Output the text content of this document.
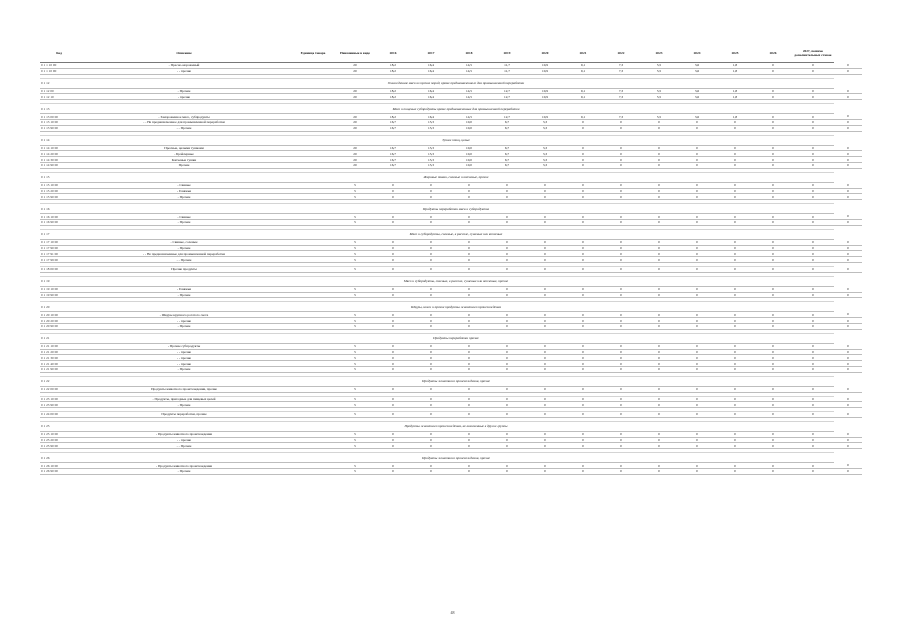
Код	Описание	Единица товара	Неизменные в виде	2016	2017	2018	2019	2020	2021	2022	2023	2024	2025	2026	2027, помимо дополнительных ставок	
0 1 1 10 00	- Пресно-мороженый		20	18,2	16,4	14,5	11,7	10,9	9,1	7,3	5,5	3,6	1,8	0	0	0
0 1 1 10 90	- - прочие		20	18,2	16,4	14,5	11,7	10,9	9,1	7,3	5,5	3,6	1,8	0	0	0

0 1 12	Охлажденное мясо из прочих пород, кроме предназначенного для промышленной переработки															
0 1 12 00	- Прочие		20	18,2	16,4	14,5	12,7	10,9	9,1	7,3	5,5	3,6	1,8	0	0	0
0 1 12 10	- прочие		20	18,2	16,4	14,5	12,7	10,9	9,1	7,3	5,5	3,6	1,8	0	0	0

0 1 13	Мясо и пищевые субпродукты кроме предназначенных для промышленной переработки															
0 1 13 00 00	- Замороженное мясо, субпродукты		20	18,2	16,4	14,5	12,7	10,9	9,1	7,3	5,5	3,6	1,8	0	0	0
0 1 13 10 00	- - Не предназначенное для промышленной переработки		20	16,7	13,3	10,0	6,7	3,3	0	0	0	0	0	0	0	0
0 1 13 90 00	- - Прочие		20	16,7	13,3	10,0	6,7	3,3	0	0	0	0	0	0	0	0

0 1 14	Тушки птиц, целые															
0 1 14 10 00	Пресные, целыми тушками		20	16,7	13,3	10,0	6,7	3,3	0	0	0	0	0	0	0	0
0 1 14 20 00	- Бройлерные		20	16,7	13,3	10,0	6,7	3,3	0	0	0	0	0	0	0	0
0 1 14 30 00	Копченые тушки		20	16,7	13,3	10,0	6,7	3,3	0	0	0	0	0	0	0	0
0 1 14 90 00	Прочие		20	16,7	13,3	10,0	6,7	3,3	0	0	0	0	0	0	0	0

0 1 15	Жировые ткани, соленые и копченые, прочие															
0 1 15 10 00	- Свиные		5	0	0	0	0	0	0	0	0	0	0	0	0	0
0 1 15 20 00	- Говяжьи		5	0	0	0	0	0	0	0	0	0	0	0	0	0
0 1 15 90 00	- Прочие		5	0	0	0	0	0	0	0	0	0	0	0	0	0

0 1 16	Продукты переработки мяса и субпродуктов															
0 1 16 10 00	- Свиные		5	0	0	0	0	0	0	0	0	0	0	0	0	0
0 1 16 90 00	- Прочие		5	0	0	0	0	0	0	0	0	0	0	0	0	0

0 1 17	Мясо и субпродукты, соленые, в рассоле, сушеные или копченые															
0 1 17 10 00	- Свиные, соленые		5	0	0	0	0	0	0	0	0	0	0	0	0	0
0 1 17 90 00	- Прочие		5	0	0	0	0	0	0	0	0	0	0	0	0	0
0 1 17 91 00	- - Не предназначенные для промышленной переработки		5	0	0	0	0	0	0	0	0	0	0	0	0	0
0 1 17 99 00	- - Прочие		5	0	0	0	0	0	0	0	0	0	0	0	0	0

0 1 18 00 00	Прочие продукты		5	0	0	0	0	0	0	0	0	0	0	0	0	0

0 1 19	Мясо и субпродукты, соленые, в рассоле, сушеные или копченые, прочие															
0 1 19 10 00	- Говяжьи		5	0	0	0	0	0	0	0	0	0	0	0	0	0
0 1 19 90 00	- Прочие		5	0	0	0	0	0	0	0	0	0	0	0	0	0

0 1 20	Шкуры, кожи и прочие продукты животного происхождения															
0 1 20 10 00	- Шкуры крупного рогатого скота		5	0	0	0	0	0	0	0	0	0	0	0	0	0
0 1 20 20 00	- - прочие		5	0	0	0	0	0	0	0	0	0	0	0	0	0
0 1 20 90 00	- Прочие		5	0	0	0	0	0	0	0	0	0	0	0	0	0

0 1 21	Продукты переработки прочие															
0 1 21 10 00	- Прочие субпродукты		5	0	0	0	0	0	0	0	0	0	0	0	0	0
0 1 21 20 00	- - прочие		5	0	0	0	0	0	0	0	0	0	0	0	0	0
0 1 21 30 00	- - прочие		5	0	0	0	0	0	0	0	0	0	0	0	0	0
0 1 21 40 00	- - прочие		5	0	0	0	0	0	0	0	0	0	0	0	0	0
0 1 21 90 00	- Прочие		5	0	0	0	0	0	0	0	0	0	0	0	0	0

0 1 22	Продукты животного происхождения, прочие															
0 1 22 00 00	Продукты животного происхождения, прочие		5	0	0	0	0	0	0	0	0	0	0	0	0	0

0 1 23 10 00	- Продукты, пригодные для пищевых целей		5	0	0	0	0	0	0	0	0	0	0	0	0	0
0 1 23 90 00	- Прочие		5	0	0	0	0	0	0	0	0	0	0	0	0	0

0 1 24 00 00	Продукты переработки, прочие		5	0	0	0	0	0	0	0	0	0	0	0	0	0

0 1 25	Продукты животного происхождения, не включенные в другие группы															
0 1 25 10 00	- Продукты животного происхождения		5	0	0	0	0	0	0	0	0	0	0	0	0	0
0 1 25 20 00	- - прочие		5	0	0	0	0	0	0	0	0	0	0	0	0	0
0 1 25 90 00	- - Прочие		5	0	0	0	0	0	0	0	0	0	0	0	0	0

0 1 26	Продукты животного происхождения, прочие															
0 1 26 10 00	- Продукты животного происхождения		5	0	0	0	0	0	0	0	0	0	0	0	0	0
0 1 26 90 00	- Прочие		5	0	0	0	0	0	0	0	0	0	0	0	0	0
48
